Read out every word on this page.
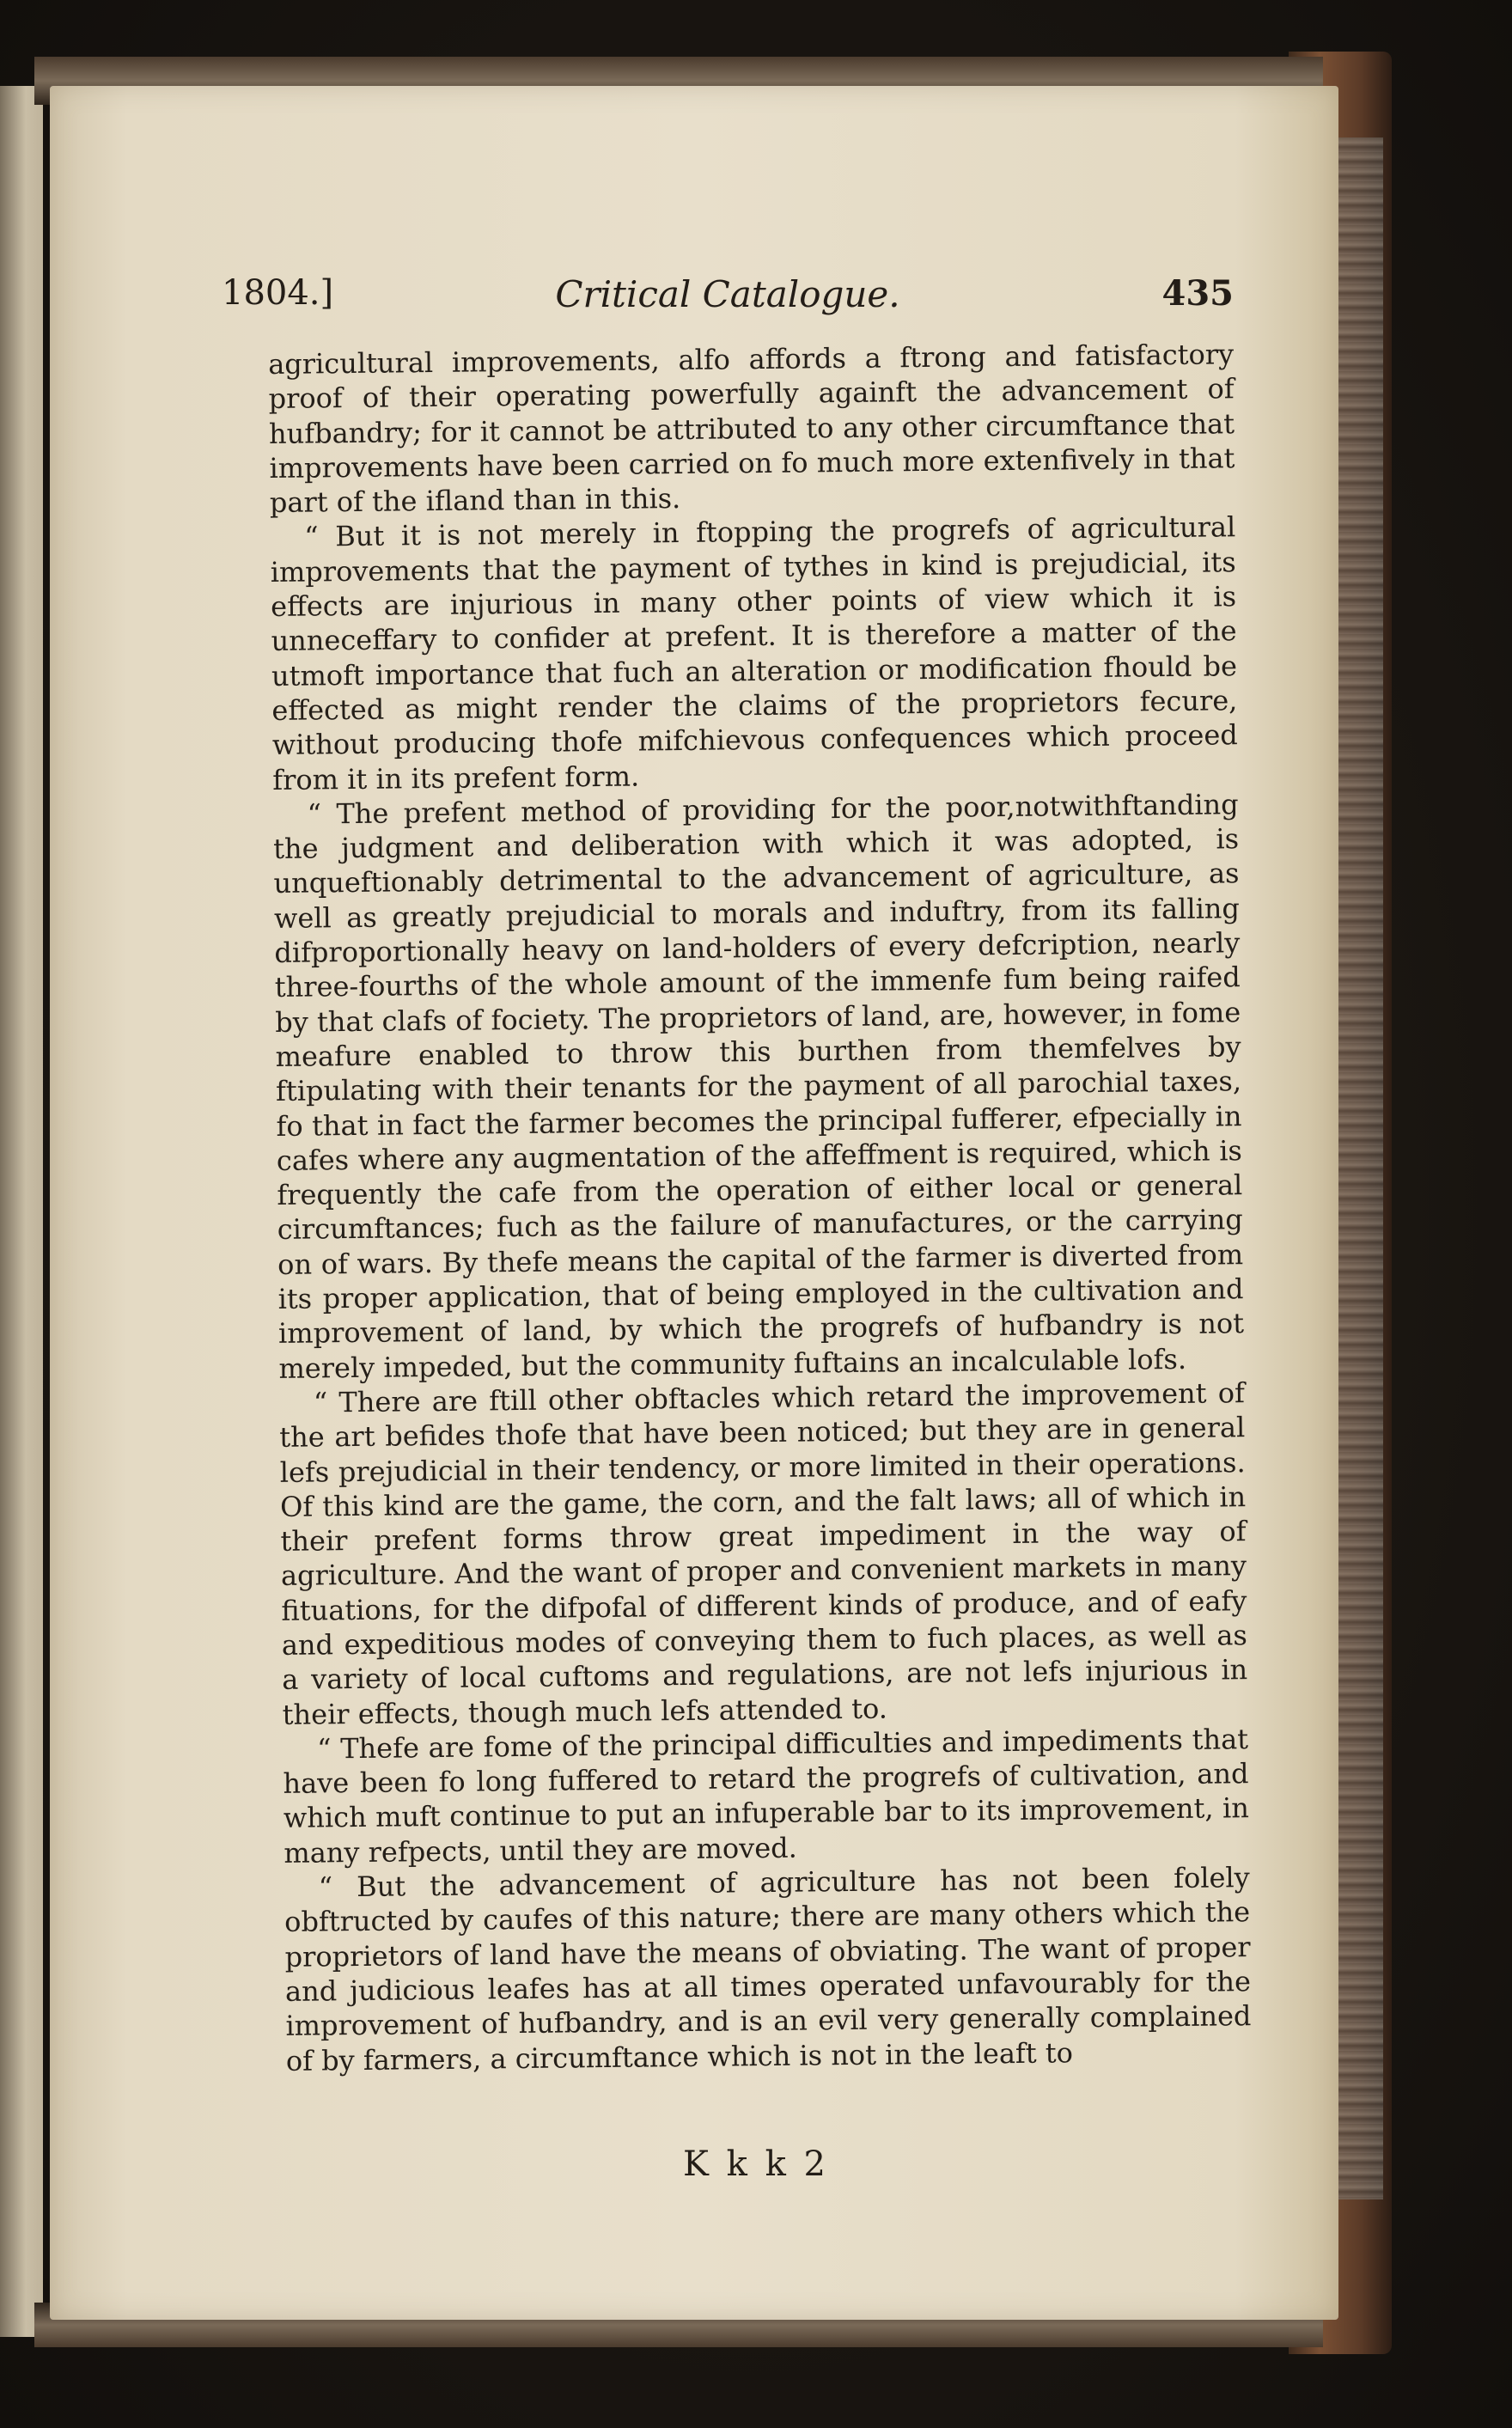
1804.]	Critical Catalogue.	435

agricultural improvements, alfo affords a ftrong and fatisfactory proof of their operating powerfully againft the advancement of hufbandry; for it cannot be attributed to any other circumftance that improvements have been carried on fo much more extenfively in that part of the ifland than in this.

“ But it is not merely in ftopping the progrefs of agricultural improvements that the payment of tythes in kind is prejudicial, its effects are injurious in many other points of view which it is unneceffary to confider at prefent. It is therefore a matter of the utmoft importance that fuch an alteration or modification fhould be effected as might render the claims of the proprietors fecure, without producing thofe mifchievous confequences which proceed from it in its prefent form.

“ The prefent method of providing for the poor,notwithftanding the judgment and deliberation with which it was adopted, is unqueftionably detrimental to the advancement of agriculture, as well as greatly prejudicial to morals and induftry, from its falling difproportionally heavy on land-holders of every defcription, nearly three-fourths of the whole amount of the immenfe fum being raifed by that clafs of fociety. The proprietors of land, are, however, in fome meafure enabled to throw this burthen from themfelves by ftipulating with their tenants for the payment of all parochial taxes, fo that in fact the farmer becomes the principal fufferer, efpecially in cafes where any augmentation of the affeffment is required, which is frequently the cafe from the operation of either local or general circumftances; fuch as the failure of manufactures, or the carrying on of wars. By thefe means the capital of the farmer is diverted from its proper application, that of being employed in the cultivation and improvement of land, by which the progrefs of hufbandry is not merely impeded, but the community fuftains an incalculable lofs.

“ There are ftill other obftacles which retard the improvement of the art befides thofe that have been noticed; but they are in general lefs prejudicial in their tendency, or more limited in their operations. Of this kind are the game, the corn, and the falt laws; all of which in their prefent forms throw great impediment in the way of agriculture. And the want of proper and convenient markets in many fituations, for the difpofal of different kinds of produce, and of eafy and expeditious modes of conveying them to fuch places, as well as a variety of local cuftoms and regulations, are not lefs injurious in their effects, though much lefs attended to.

“ Thefe are fome of the principal difficulties and impediments that have been fo long fuffered to retard the progrefs of cultivation, and which muft continue to put an infuperable bar to its improvement, in many refpects, until they are moved.

“ But the advancement of agriculture has not been folely obftructed by caufes of this nature; there are many others which the proprietors of land have the means of obviating. The want of proper and judicious leafes has at all times operated unfavourably for the improvement of hufbandry, and is an evil very generally complained of by farmers, a circumftance which is not in the leaft to

K k k 2
